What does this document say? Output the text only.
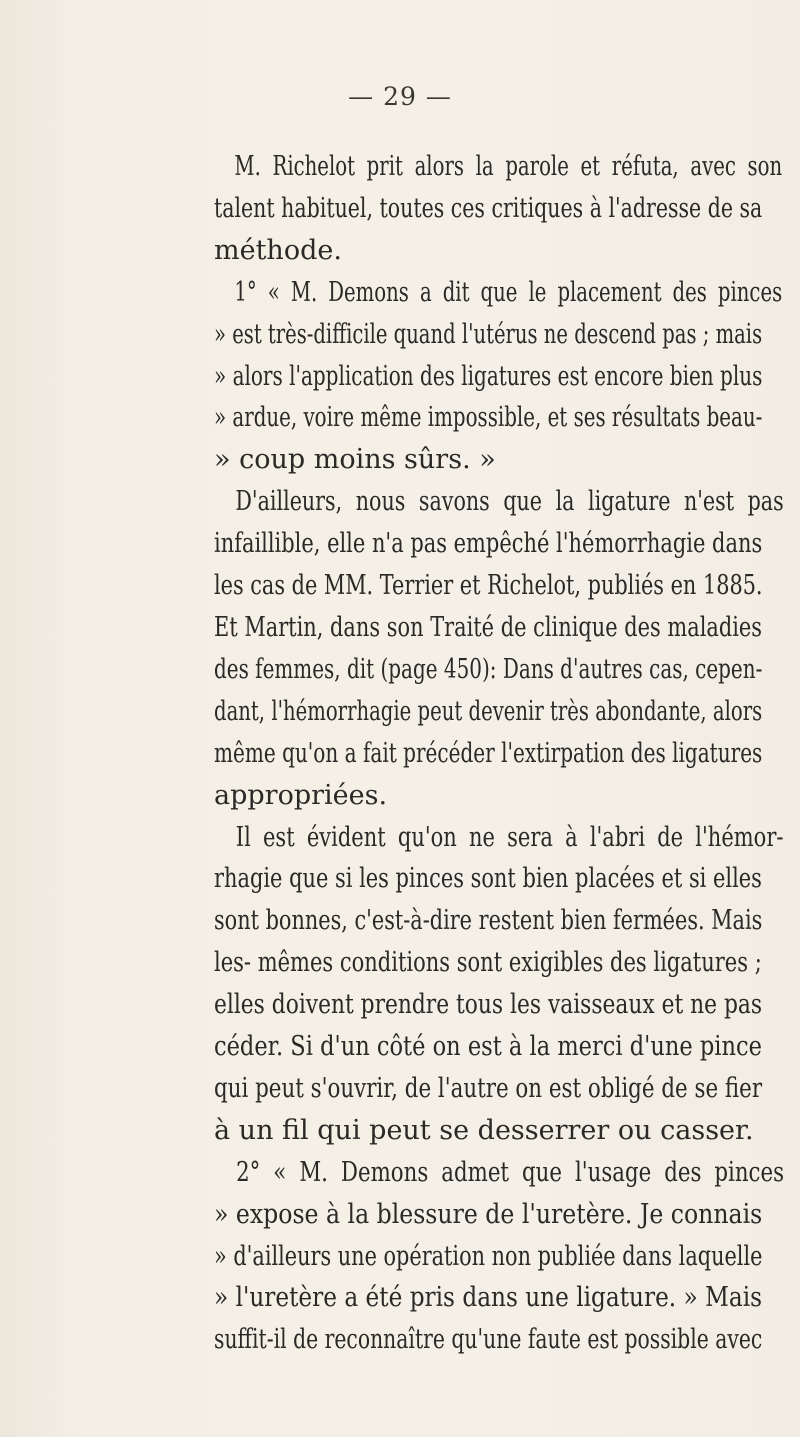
— 29 —
M. Richelot prit alors la parole et réfuta, avec son
talent habituel, toutes ces critiques à l'adresse de sa
méthode.
1° « M. Demons a dit que le placement des pinces
» est très-difficile quand l'utérus ne descend pas ; mais
» alors l'application des ligatures est encore bien plus
» ardue, voire même impossible, et ses résultats beau-
» coup moins sûrs. »
D'ailleurs, nous savons que la ligature n'est pas
infaillible, elle n'a pas empêché l'hémorrhagie dans
les cas de MM. Terrier et Richelot, publiés en 1885.
Et Martin, dans son Traité de clinique des maladies
des femmes, dit (page 450): Dans d'autres cas, cepen-
dant, l'hémorrhagie peut devenir très abondante, alors
même qu'on a fait précéder l'extirpation des ligatures
appropriées.
Il est évident qu'on ne sera à l'abri de l'hémor-
rhagie que si les pinces sont bien placées et si elles
sont bonnes, c'est-à-dire restent bien fermées. Mais
les- mêmes conditions sont exigibles des ligatures ;
elles doivent prendre tous les vaisseaux et ne pas
céder. Si d'un côté on est à la merci d'une pince
qui peut s'ouvrir, de l'autre on est obligé de se fier
à un fil qui peut se desserrer ou casser.
2° « M. Demons admet que l'usage des pinces
» expose à la blessure de l'uretère. Je connais
» d'ailleurs une opération non publiée dans laquelle
» l'uretère a été pris dans une ligature. » Mais
suffit-il de reconnaître qu'une faute est possible avec
